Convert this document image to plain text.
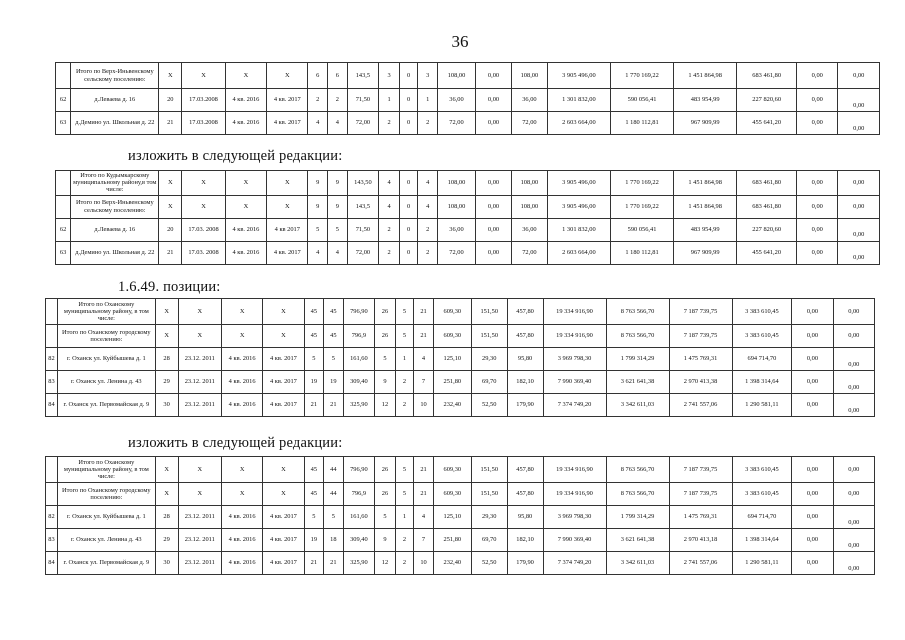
36
	Итого по Верх-Иньвенскому сельскому поселению:	X	X	X	X	6	6	143,5	3	0	3	108,00	0,00	108,00	3 905 496,00	1 770 169,22	1 451 864,98	683 461,80	0,00	0,00
62	д.Леваева д. 16	20	17.03.2008	4 кв. 2016	4 кв. 2017	2	2	71,50	1	0	1	36,00	0,00	36,00	1 301 832,00	590 056,41	483 954,99	227 820,60	0,00	0,00
63	д.Демино ул. Школьная д. 22	21	17.03.2008	4 кв. 2016	4 кв. 2017	4	4	72,00	2	0	2	72,00	0,00	72,00	2 603 664,00	1 180 112,81	967 909,99	455 641,20	0,00	0,00
изложить в следующей редакции:
	Итого по Кудымкарскому муниципальному району,в том числе:	X	X	X	X	9	9	143,50	4	0	4	108,00	0,00	108,00	3 905 496,00	1 770 169,22	1 451 864,98	683 461,80	0,00	0,00
	Итого по Верх-Иньвенскому сельскому поселению:	X	X	X	X	9	9	143,5	4	0	4	108,00	0,00	108,00	3 905 496,00	1 770 169,22	1 451 864,98	683 461,80	0,00	0,00
62	д.Леваева д. 16	20	17.03. 2008	4 кв. 2016	4 кв 2017	5	5	71,50	2	0	2	36,00	0,00	36,00	1 301 832,00	590 056,41	483 954,99	227 820,60	0,00	0,00
63	д.Демино ул. Школьная д. 22	21	17.03. 2008	4 кв. 2016	4 кв. 2017	4	4	72,00	2	0	2	72,00	0,00	72,00	2 603 664,00	1 180 112,81	967 909,99	455 641,20	0,00	0,00
1.6.49. позиции:
	Итого по Оханскому муниципальному району, в том числе:	X	X	X	X	45	45	796,90	26	5	21	609,30	151,50	457,80	19 334 916,90	8 763 566,70	7 187 739,75	3 383 610,45	0,00	0,00
	Итого по Оханскому городскому поселению:	X	X	X	X	45	45	796,9	26	5	21	609,30	151,50	457,80	19 334 916,90	8 763 566,70	7 187 739,75	3 383 610,45	0,00	0,00
82	г. Оханск ул. Куйбышева д. 1	28	23.12. 2011	4 кв. 2016	4 кв. 2017	5	5	161,60	5	1	4	125,10	29,30	95,80	3 969 798,30	1 799 314,29	1 475 769,31	694 714,70	0,00	0,00
83	г. Оханск ул. Ленина д. 43	29	23.12. 2011	4 кв. 2016	4 кв. 2017	19	19	309,40	9	2	7	251,80	69,70	182,10	7 990 369,40	3 621 641,38	2 970 413,38	1 398 314,64	0,00	0,00
84	г. Оханск ул. Первомайская д. 9	30	23.12. 2011	4 кв. 2016	4 кв. 2017	21	21	325,90	12	2	10	232,40	52,50	179,90	7 374 749,20	3 342 611,03	2 741 557,06	1 290 581,11	0,00	0,00
изложить в следующей редакции:
	Итого по Оханскому муниципальному району, в том числе:	X	X	X	X	45	44	796,90	26	5	21	609,30	151,50	457,80	19 334 916,90	8 763 566,70	7 187 739,75	3 383 610,45	0,00	0,00
	Итого по Оханскому городскому поселению:	X	X	X	X	45	44	796,9	26	5	21	609,30	151,50	457,80	19 334 916,90	8 763 566,70	7 187 739,75	3 383 610,45	0,00	0,00
82	г. Оханск ул. Куйбышева д. 1	28	23.12. 2011	4 кв. 2016	4 кв. 2017	5	5	161,60	5	1	4	125,10	29,30	95,80	3 969 798,30	1 799 314,29	1 475 769,31	694 714,70	0,00	0,00
83	г. Оханск ул. Ленина д. 43	29	23.12. 2011	4 кв. 2016	4 кв. 2017	19	18	309,40	9	2	7	251,80	69,70	182,10	7 990 369,40	3 621 641,38	2 970 413,18	1 398 314,64	0,00	0,00
84	г. Оханск ул. Первомайская д. 9	30	23.12. 2011	4 кв. 2016	4 кв. 2017	21	21	325,90	12	2	10	232,40	52,50	179,90	7 374 749,20	3 342 611,03	2 741 557,06	1 290 581,11	0,00	0,00
